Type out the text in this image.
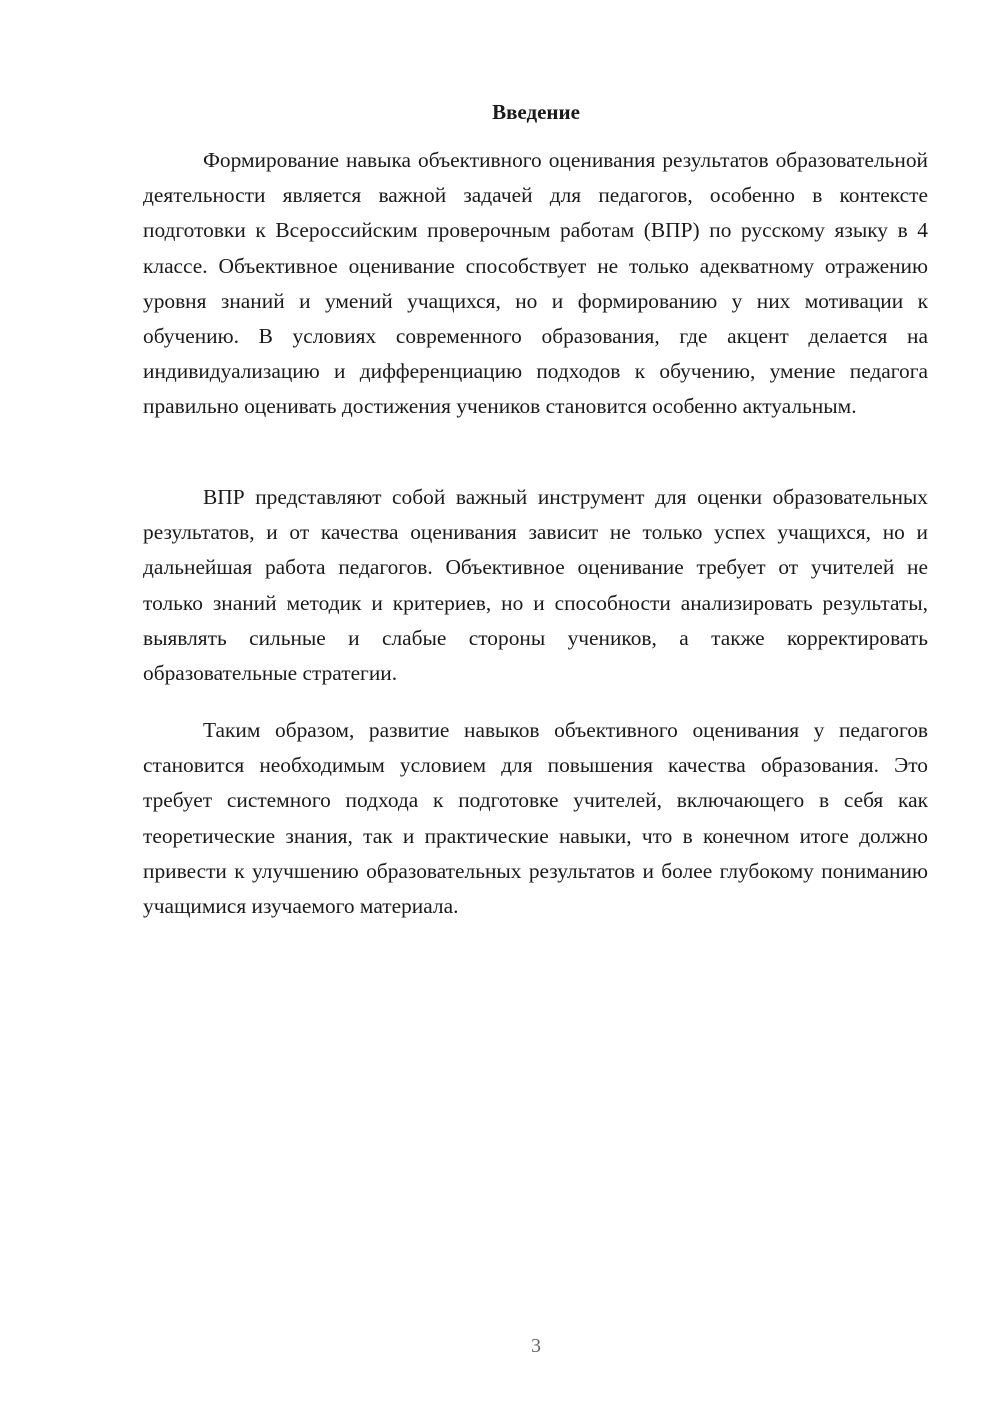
Введение

Формирование навыка объективного оценивания результатов образовательной деятельности является важной задачей для педагогов, особенно в контексте подготовки к Всероссийским проверочным работам (ВПР) по русскому языку в 4 классе. Объективное оценивание способствует не только адекватному отражению уровня знаний и умений учащихся, но и формированию у них мотивации к обучению. В условиях современного образования, где акцент делается на индивидуализацию и дифференциацию подходов к обучению, умение педагога правильно оценивать достижения учеников становится особенно актуальным.

ВПР представляют собой важный инструмент для оценки образовательных результатов, и от качества оценивания зависит не только успех учащихся, но и дальнейшая работа педагогов. Объективное оценивание требует от учителей не только знаний методик и критериев, но и способности анализировать результаты, выявлять сильные и слабые стороны учеников, а также корректировать образовательные стратегии.

Таким образом, развитие навыков объективного оценивания у педагогов становится необходимым условием для повышения качества образования. Это требует системного подхода к подготовке учителей, включающего в себя как теоретические знания, так и практические навыки, что в конечном итоге должно привести к улучшению образовательных результатов и более глубокому пониманию учащимися изучаемого материала.

3
